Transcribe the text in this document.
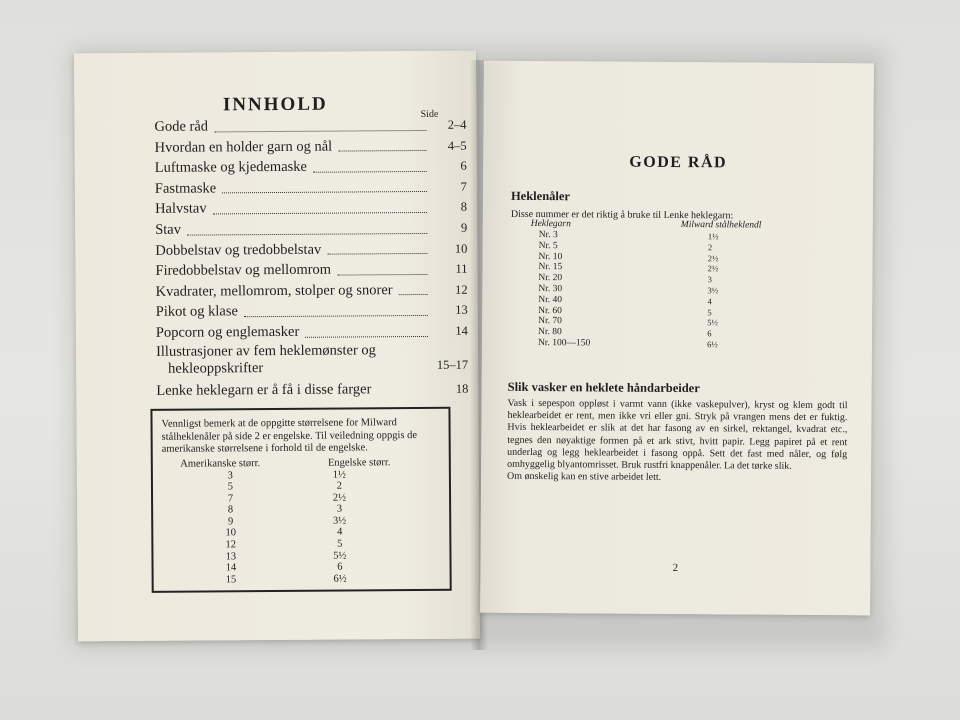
INNHOLD	Side
Gode råd	2–4
Hvordan en holder garn og nål	4–5
Luftmaske og kjedemaske	6
Fastmaske	7
Halvstav	8
Stav	9
Dobbelstav og tredobbelstav	10
Firedobbelstav og mellomrom	11
Kvadrater, mellomrom, stolper og snorer	12
Pikot og klase	13
Popcorn og englemasker	14
Illustrasjoner av fem heklemønster og
hekleoppskrifter	15–17
Lenke heklegarn er å få i disse farger	18

Vennligst bemerk at de oppgitte størrelsene for Milward stålheklenåler på side 2 er engelske. Til veiledning oppgis de amerikanske størrelsene i forhold til de engelske.

Amerikanske størr.	Engelske størr.
3	1½
5	2
7	2½
8	3
9	3½
10	4
12	5
13	5½
14	6
15	6½
GODE RÅD
Heklenåler
Disse nummer er det riktig å bruke til Lenke heklegarn:
Heklegarn	Milward stålheklendl
Nr. 3	1½
Nr. 5	2
Nr. 10	2½
Nr. 15	2½
Nr. 20	3
Nr. 30	3½
Nr. 40	4
Nr. 60	5
Nr. 70	5½
Nr. 80	6
Nr. 100—150	6½
Slik vasker en heklete håndarbeider

Vask i sepespon oppløst i varmt vann (ikke vaskepulver), kryst og klem godt til heklearbeidet er rent, men ikke vri eller gni. Stryk på vrangen mens det er fuktig. Hvis heklearbeidet er slik at det har fasong av en sirkel, rektangel, kvadrat etc., tegnes den nøyaktige formen på et ark stivt, hvitt papir. Legg papiret på et rent underlag og legg heklearbeidet i fasong oppå. Sett det fast med nåler, og følg omhyggelig blyantomrisset. Bruk rustfri knappenåler. La det tørke slik.

Om ønskelig kan en stive arbeidet lett.

2
